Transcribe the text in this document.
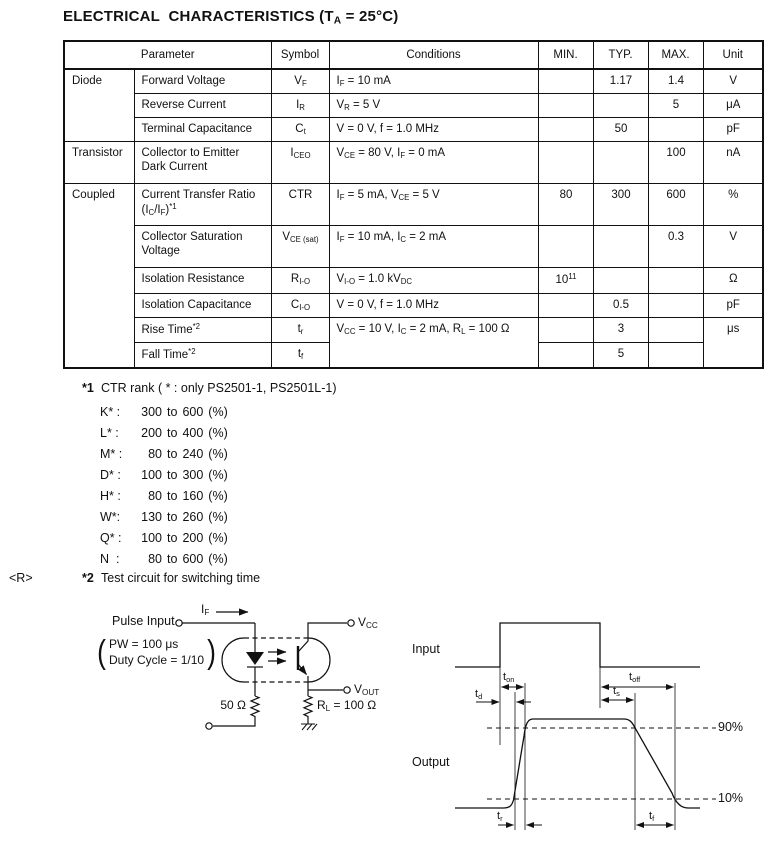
ELECTRICAL  CHARACTERISTICS $(T_A = 25^\circ C)$
Parameter		Symbol	Conditions	MIN.	TYP.	MAX.	Unit
Diode	Forward Voltage	$V_F$	$I_F = 10$ mA		1.17	1.4	V
	Reverse Current	$I_R$	$V_R = 5$ V			5	μA
	Terminal Capacitance	$C_t$	V = 0 V, f = 1.0 MHz		50		pF
Transistor	Collector to Emitter Dark Current	$I_{CEO}$	$V_{CE} = 80$ V, $I_F = 0$ mA			100	nA
Coupled	Current Transfer Ratio $(I_C/I_F)^{*1}$	CTR	$I_F = 5$ mA, $V_{CE} = 5$ V	80	300	600	%
	Collector Saturation Voltage	$V_{CE (sat)}$	$I_F = 10$ mA, $I_C = 2$ mA			0.3	V
	Isolation Resistance	$R_{I-O}$	$V_{I-O} = 1.0$ $kV_{DC}$	$10^{11}$			Ω
	Isolation Capacitance	$C_{I-O}$	V = 0 V, f = 1.0 MHz		0.5		pF
	Rise Time$^{*2}$	$t_r$	$V_{CC} = 10$ V, $I_C = 2$ mA, $R_L = 100$ Ω		3		μs
	Fall Time$^{*2}$	$t_f$			5		
*1 CTR rank ( * : only PS2501-1, PS2501L-1)
K* : 300 to 600 (%)
L* : 200 to 400 (%)
M* : 80 to 240 (%)
D* : 100 to 300 (%)
H* : 80 to 160 (%)
W*: 130 to 260 (%)
Q* : 100 to 200 (%)
N  : 80 to 600 (%)
<R>	*2 Test circuit for switching time
Pulse Input
$I_F$
( PW = 100 μs
Duty Cycle = 1/10 )
50 Ω	$R_L = 100$ Ω
$V_{CC}$
$V_{OUT}$
Input
Output
$t_{on}$
$t_d$
$t_{off}$
$t_s$
$t_r$	$t_f$
90%
10%
